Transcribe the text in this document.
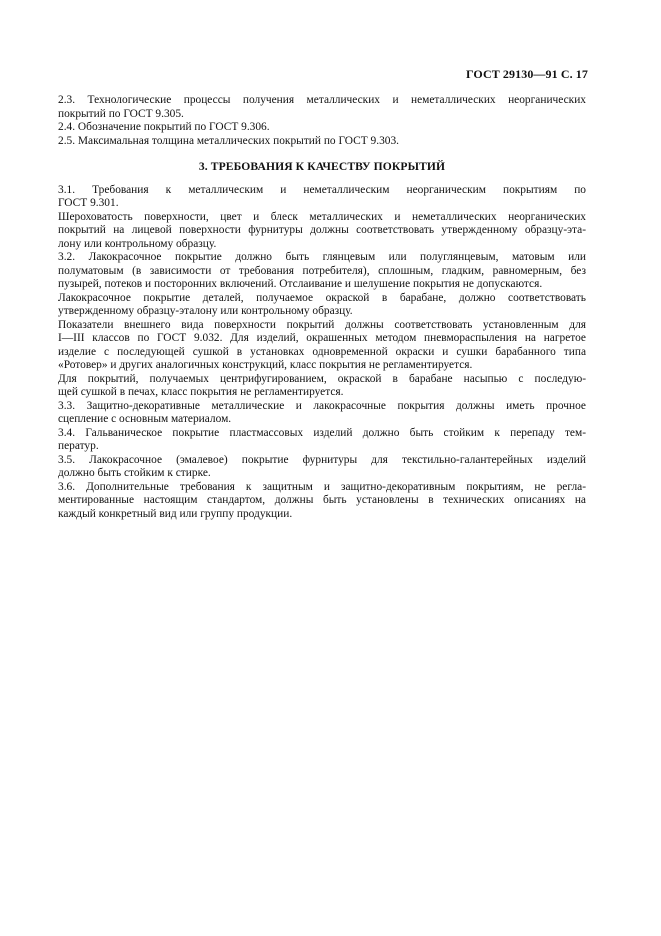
ГОСТ 29130—91 С. 17
2.3. Технологические процессы получения металлических и неметаллических неорганических
покрытий по ГОСТ 9.305.
2.4. Обозначение покрытий по ГОСТ 9.306.
2.5. Максимальная толщина металлических покрытий по ГОСТ 9.303.
3. ТРЕБОВАНИЯ К КАЧЕСТВУ ПОКРЫТИЙ
3.1. Требования к металлическим и неметаллическим неорганическим покрытиям по
ГОСТ 9.301.
Шероховатость поверхности, цвет и блеск металлических и неметаллических неорганических
покрытий на лицевой поверхности фурнитуры должны соответствовать утвержденному образцу-эта-
лону или контрольному образцу.
3.2. Лакокрасочное покрытие должно быть глянцевым или полуглянцевым, матовым или
полуматовым (в зависимости от требования потребителя), сплошным, гладким, равномерным, без
пузырей, потеков и посторонних включений. Отслаивание и шелушение покрытия не допускаются.
Лакокрасочное покрытие деталей, получаемое окраской в барабане, должно соответствовать
утвержденному образцу-эталону или контрольному образцу.
Показатели внешнего вида поверхности покрытий должны соответствовать установленным для
I—III классов по ГОСТ 9.032. Для изделий, окрашенных методом пневмораспыления на нагретое
изделие с последующей сушкой в установках одновременной окраски и сушки барабанного типа
«Ротовер» и других аналогичных конструкций, класс покрытия не регламентируется.
Для покрытий, получаемых центрифугированием, окраской в барабане насыпью с последую-
щей сушкой в печах, класс покрытия не регламентируется.
3.3. Защитно-декоративные металлические и лакокрасочные покрытия должны иметь прочное
сцепление с основным материалом.
3.4. Гальваническое покрытие пластмассовых изделий должно быть стойким к перепаду тем-
ператур.
3.5. Лакокрасочное (эмалевое) покрытие фурнитуры для текстильно-галантерейных изделий
должно быть стойким к стирке.
3.6. Дополнительные требования к защитным и защитно-декоративным покрытиям, не регла-
ментированные настоящим стандартом, должны быть установлены в технических описаниях на
каждый конкретный вид или группу продукции.
